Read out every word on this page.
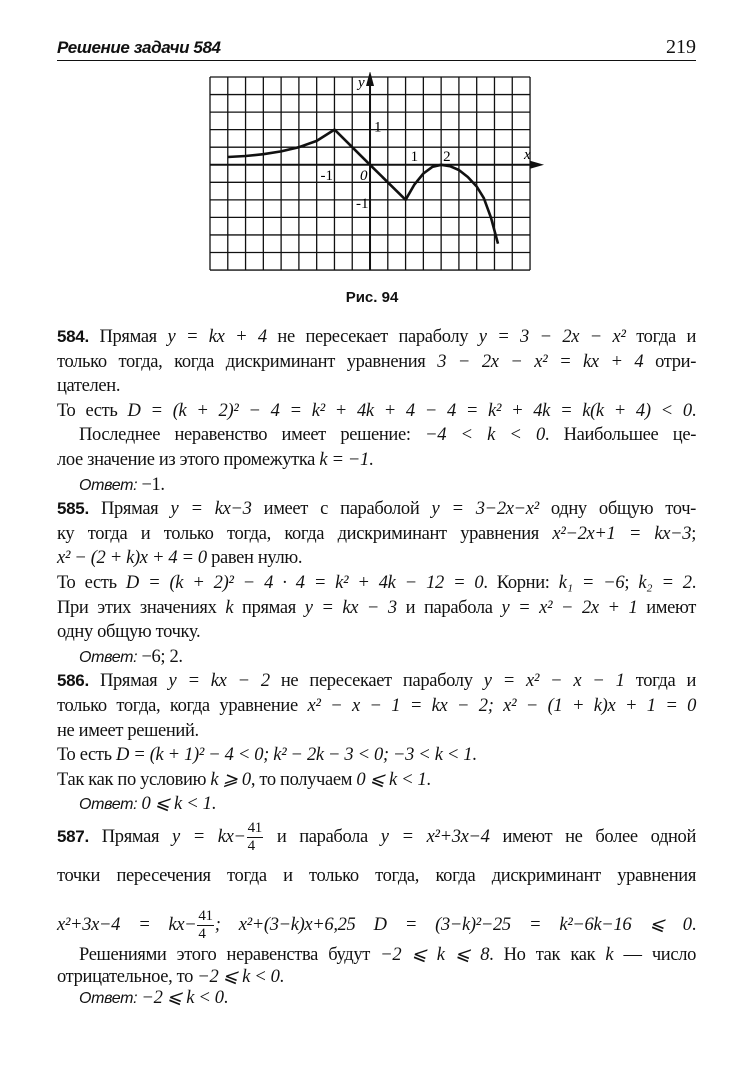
Решение задачи 584	219
y
x
1
-1 0
-1
1 2
Рис. 94
584. Прямая y = kx + 4 не пересекает параболу y = 3 − 2x − x² тогда и
только тогда, когда дискриминант уравнения 3 − 2x − x² = kx + 4 отри-
цателен.
То есть D = (k + 2)² − 4 = k² + 4k + 4 − 4 = k² + 4k = k(k + 4) < 0.
Последнее неравенство имеет решение: −4 < k < 0. Наибольшее це-
лое значение из этого промежутка k = −1.
Ответ: −1.
585. Прямая y = kx−3 имеет с параболой y = 3−2x−x² одну общую точ-
ку тогда и только тогда, когда дискриминант уравнения x²−2x+1 = kx−3;
x² − (2 + k)x + 4 = 0 равен нулю.
То есть D = (k + 2)² − 4 · 4 = k² + 4k − 12 = 0. Корни: k₁ = −6; k₂ = 2.
При этих значениях k прямая y = kx − 3 и парабола y = x² − 2x + 1 имеют
одну общую точку.
Ответ: −6; 2.
586. Прямая y = kx − 2 не пересекает параболу y = x² − x − 1 тогда и
только тогда, когда уравнение x² − x − 1 = kx − 2; x² − (1 + k)x + 1 = 0
не имеет решений.
То есть D = (k + 1)² − 4 < 0; k² − 2k − 3 < 0; −3 < k < 1.
Так как по условию k ⩾ 0, то получаем 0 ⩽ k < 1.
Ответ: 0 ⩽ k < 1.
587. Прямая $y = kx- \frac{41}{4}$ и парабола y = x²+3x−4 имеют не более одной
точки пересечения тогда и только тогда, когда дискриминант уравнения
$x^2+3x-4 = kx- \frac{41}{4}$ ; x²+(3−k)x+6,25 D = (3−k)²−25 = k²−6k−16 ⩽ 0.
Решениями этого неравенства будут −2 ⩽ k ⩽ 8. Но так как k — число
отрицательное, то −2 ⩽ k < 0.
Ответ: −2 ⩽ k < 0.
